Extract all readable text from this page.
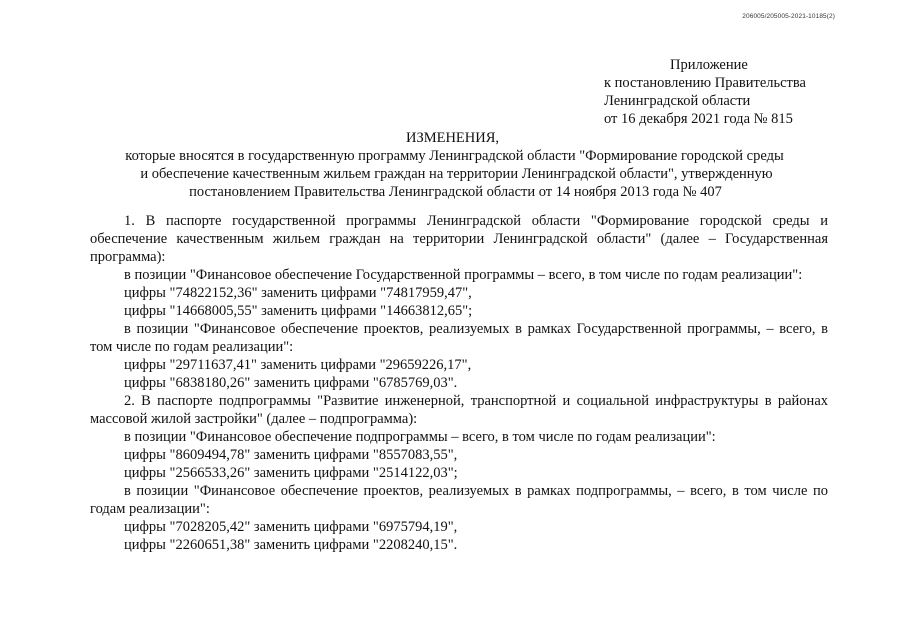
206005/205005-2021-10185(2)
Приложение
к постановлению Правительства
Ленинградской области
от 16 декабря 2021 года № 815
ИЗМЕНЕНИЯ,
которые вносятся в государственную программу Ленинградской области "Формирование городской среды
и обеспечение качественным жильем граждан на территории Ленинградской области", утвержденную
постановлением Правительства Ленинградской области от 14 ноября 2013 года № 407
1. В паспорте государственной программы Ленинградской области "Формирование городской среды и обеспечение качественным жильем граждан на территории Ленинградской области" (далее – Государственная программа):
в позиции "Финансовое обеспечение Государственной программы – всего, в том числе по годам реализации":
цифры "74822152,36" заменить цифрами "74817959,47",
цифры "14668005,55" заменить цифрами "14663812,65";
в позиции "Финансовое обеспечение проектов, реализуемых в рамках Государственной программы, – всего, в том числе по годам реализации":
цифры "29711637,41" заменить цифрами "29659226,17",
цифры "6838180,26" заменить цифрами "6785769,03".
2. В паспорте подпрограммы "Развитие инженерной, транспортной и социальной инфраструктуры в районах массовой жилой застройки" (далее – подпрограмма):
в позиции "Финансовое обеспечение подпрограммы – всего, в том числе по годам реализации":
цифры "8609494,78" заменить цифрами "8557083,55",
цифры "2566533,26" заменить цифрами "2514122,03";
в позиции "Финансовое обеспечение проектов, реализуемых в рамках подпрограммы, – всего, в том числе по годам реализации":
цифры "7028205,42" заменить цифрами "6975794,19",
цифры "2260651,38" заменить цифрами "2208240,15".
